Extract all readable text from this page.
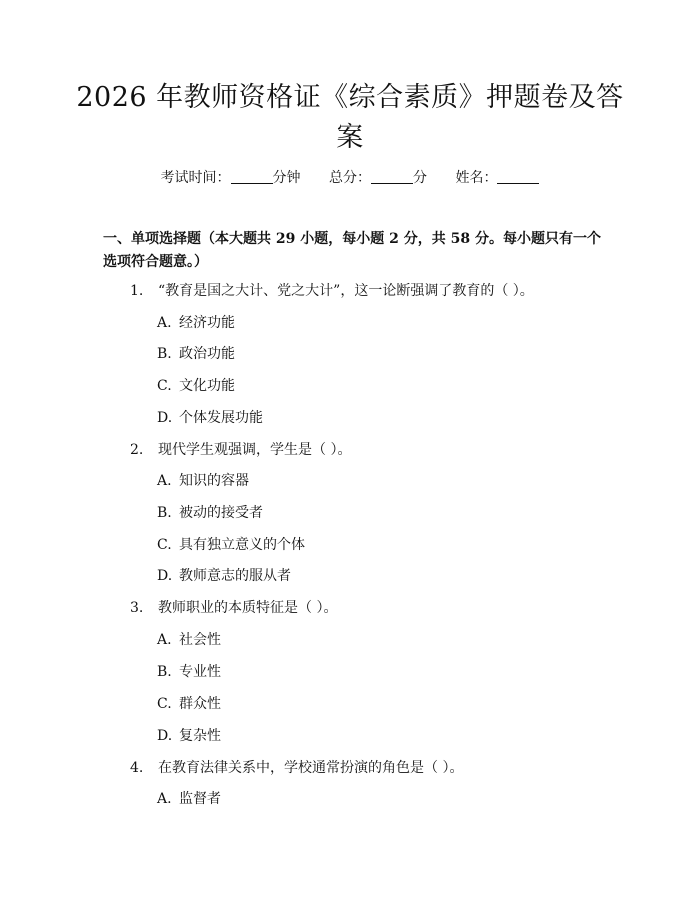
2026 年教师资格证《综合素质》押题卷及答案
考试时间：	分钟 总分：	分 姓名：
一、单项选择题（本大题共 29 小题，每小题 2 分，共 58 分。每小题只有一个选项符合题意。）
1. “教育是国之大计、党之大计”，这一论断强调了教育的（ ）。
A. 经济功能
B. 政治功能
C. 文化功能
D. 个体发展功能
2. 现代学生观强调，学生是（ ）。
A. 知识的容器
B. 被动的接受者
C. 具有独立意义的个体
D. 教师意志的服从者
3. 教师职业的本质特征是（ ）。
A. 社会性
B. 专业性
C. 群众性
D. 复杂性
4. 在教育法律关系中，学校通常扮演的角色是（ ）。
A. 监督者
